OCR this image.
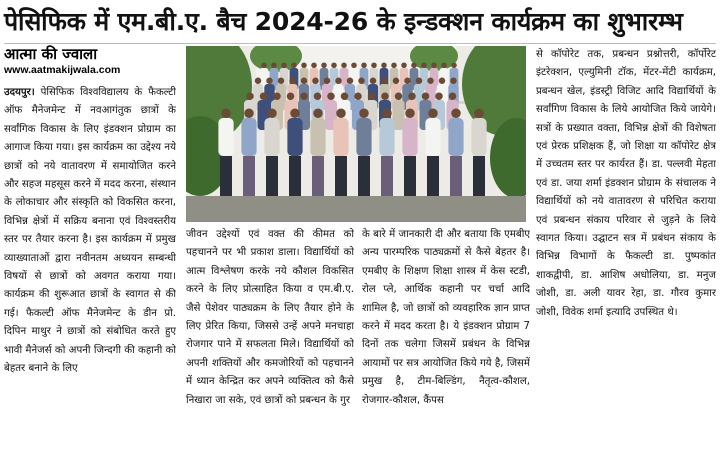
पेसिफिक में एम.बी.ए. बैच 2024-26 के इन्डक्शन कार्यक्रम का शुभारम्भ
आत्मा की ज्वाला
www.aatmakijwala.com
उदयपुर। पेसिफिक विश्वविद्यालय के फैकल्टी ऑफ मैनेजमेन्ट में नवआगंतुक छात्रों के सर्वांगिक विकास के लिए इंडक्शन प्रोग्राम का आगाज किया गया। इस कार्यक्रम का उद्देश्य नये छात्रों को नये वातावरण में समायोजित करने और सहज महसूस करने में मदद करना, संस्थान के लोकाचार और संस्कृति को विकसित करना, विभिन्न क्षेत्रों में सक्रिय बनाना एवं विश्वस्तरीय स्तर पर तैयार करना है। इस कार्यक्रम में प्रमुख व्याख्याताओं द्वारा नवीनतम अध्ययन सम्बन्धी विषयों से छात्रों को अवगत कराया गया। कार्यक्रम की शुरूआत छात्रों के स्वागत से की गई। फैकल्टी ऑफ मैनेजमेन्ट के डीन प्रो. दिपिन माथुर ने छात्रों को संबोधित करते हुए भावी मैनेजर्स को अपनी जिन्दगी की कहानी को बेहतर बनाने के लिए
जीवन उद्देश्यों एवं वक्त की कीमत को पहचानने पर भी प्रकाश डाला। विद्यार्थियों को आत्म विश्लेषण करके नये कौशल विकसित करने के लिए प्रोत्साहित किया व एम.बी.ए. जैसे पेशेवर पाठ्यक्रम के लिए तैयार होने के लिए प्रेरित किया, जिससे उन्हें अपने मनचाहा रोजगार पाने में सफलता मिले। विद्यार्थियों को अपनी शक्तियों और कमजोरियों को पहचानने में ध्यान केन्द्रित कर अपने व्यक्तित्व को कैसे निखारा जा सके, एवं छात्रों को प्रबन्धन के गुर
के बारे में जानकारी दी और बताया कि एमबीए अन्य पारम्परिक पाठ्यक्रमों से कैसे बेहतर है। एमबीए के शिक्षण शिक्षा शास्त्र में केस स्टडी, रोल प्ले, आर्थिक कहानी पर चर्चा आदि शामिल है, जो छात्रों को व्यवहारिक ज्ञान प्राप्त करने में मदद करता है। ये इंडक्शन प्रोग्राम 7 दिनों तक चलेगा जिसमें प्रबंधन के विभिन्न आयामों पर सत्र आयोजित किये गये है, जिसमें प्रमुख है, टीम-बिल्डिंग, नैतृत्व-कौशल, रोजगार-कौशल, कैंपस
से कॉपोरेट तक, प्रबन्धन प्रश्नोत्तरी, कॉर्पोरेट इंटरेक्शन, एल्युमिनी टॉक, मेंटर-मेंटी कार्यक्रम, प्रबन्धन खेल, इंडस्ट्री विजिट आदि विद्यार्थियों के सर्वांगिण विकास के लिये आयोजित किये जायेगे। सत्रों के प्रख्यात वक्ता, विभिन्न क्षेत्रों की विशेषता एवं प्रेरक प्रशिक्षक हैं, जो शिक्षा या कॉपोरेट क्षेत्र में उच्चतम स्तर पर कार्यरत हैं। डा. पल्लवी मेहता एवं डा. जया शर्मा इंडक्शन प्रोग्राम के संचालक ने विद्यार्थियों को नये वातावरण से परिचित कराया एवं प्रबन्धन संकाय परिवार से जुड़ने के लिये स्वागत किया। उद्घाटन सत्र में प्रबंधन संकाय के विभिन्न विभागों के फैकल्टी डा. पुष्पकांत शाकद्वीपी, डा. आशिष अधोलिया, डा. मनुज जोशी, डा. अली यावर रेहा, डा. गौरव कुमार जोशी, विवेक शर्मा इत्यादि उपस्थित थे।
